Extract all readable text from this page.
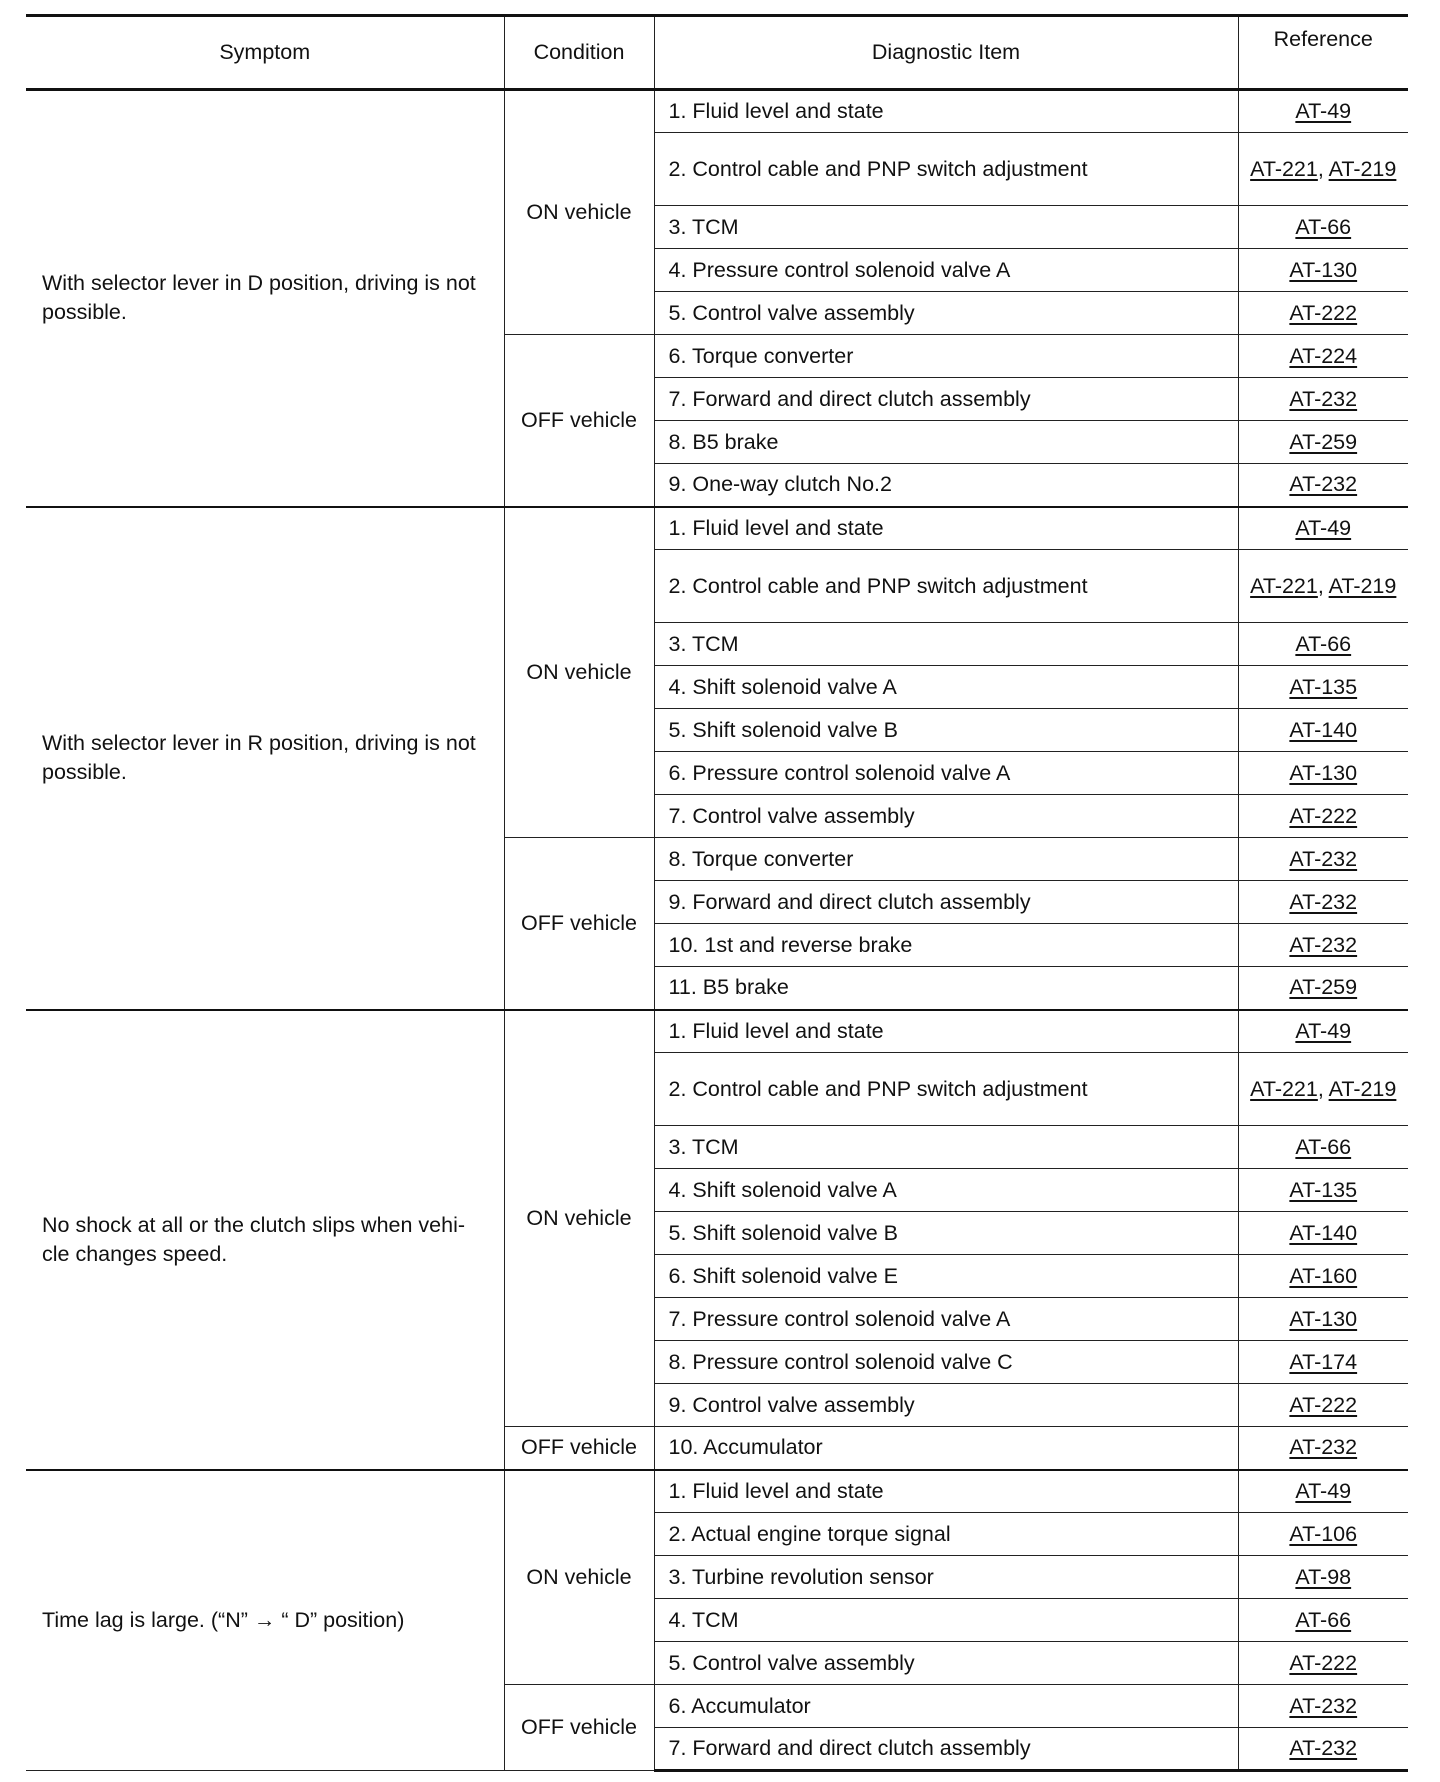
Symptom	Condition	Diagnostic Item	Reference
With selector lever in D position, driving is not possible.	ON vehicle	1. Fluid level and state	AT-49
		2. Control cable and PNP switch adjustment	AT-221, AT-219
		3. TCM	AT-66
		4. Pressure control solenoid valve A	AT-130
		5. Control valve assembly	AT-222
	OFF vehicle	6. Torque converter	AT-224
		7. Forward and direct clutch assembly	AT-232
		8. B5 brake	AT-259
		9. One-way clutch No.2	AT-232
With selector lever in R position, driving is not possible.	ON vehicle	1. Fluid level and state	AT-49
		2. Control cable and PNP switch adjustment	AT-221, AT-219
		3. TCM	AT-66
		4. Shift solenoid valve A	AT-135
		5. Shift solenoid valve B	AT-140
		6. Pressure control solenoid valve A	AT-130
		7. Control valve assembly	AT-222
	OFF vehicle	8. Torque converter	AT-232
		9. Forward and direct clutch assembly	AT-232
		10. 1st and reverse brake	AT-232
		11. B5 brake	AT-259
No shock at all or the clutch slips when vehi-cle changes speed.	ON vehicle	1. Fluid level and state	AT-49
		2. Control cable and PNP switch adjustment	AT-221, AT-219
		3. TCM	AT-66
		4. Shift solenoid valve A	AT-135
		5. Shift solenoid valve B	AT-140
		6. Shift solenoid valve E	AT-160
		7. Pressure control solenoid valve A	AT-130
		8. Pressure control solenoid valve C	AT-174
		9. Control valve assembly	AT-222
	OFF vehicle	10. Accumulator	AT-232
Time lag is large. (“N” → “ D” position)	ON vehicle	1. Fluid level and state	AT-49
		2. Actual engine torque signal	AT-106
		3. Turbine revolution sensor	AT-98
		4. TCM	AT-66
		5. Control valve assembly	AT-222
	OFF vehicle	6. Accumulator	AT-232
		7. Forward and direct clutch assembly	AT-232
